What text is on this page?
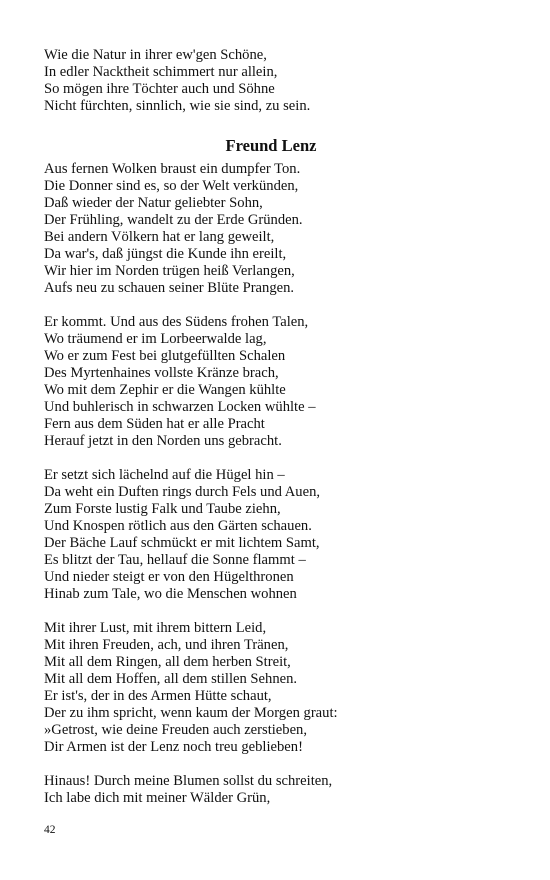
Wie die Natur in ihrer ew'gen Schöne,
In edler Nacktheit schimmert nur allein,
So mögen ihre Töchter auch und Söhne
Nicht fürchten, sinnlich, wie sie sind, zu sein.
Freund Lenz
Aus fernen Wolken braust ein dumpfer Ton.
Die Donner sind es, so der Welt verkünden,
Daß wieder der Natur geliebter Sohn,
Der Frühling, wandelt zu der Erde Gründen.
Bei andern Völkern hat er lang geweilt,
Da war's, daß jüngst die Kunde ihn ereilt,
Wir hier im Norden trügen heiß Verlangen,
Aufs neu zu schauen seiner Blüte Prangen.
Er kommt. Und aus des Südens frohen Talen,
Wo träumend er im Lorbeerwalde lag,
Wo er zum Fest bei glutgefüllten Schalen
Des Myrtenhaines vollste Kränze brach,
Wo mit dem Zephir er die Wangen kühlte
Und buhlerisch in schwarzen Locken wühlte –
Fern aus dem Süden hat er alle Pracht
Herauf jetzt in den Norden uns gebracht.
Er setzt sich lächelnd auf die Hügel hin –
Da weht ein Duften rings durch Fels und Auen,
Zum Forste lustig Falk und Taube ziehn,
Und Knospen rötlich aus den Gärten schauen.
Der Bäche Lauf schmückt er mit lichtem Samt,
Es blitzt der Tau, hellauf die Sonne flammt –
Und nieder steigt er von den Hügelthronen
Hinab zum Tale, wo die Menschen wohnen
Mit ihrer Lust, mit ihrem bittern Leid,
Mit ihren Freuden, ach, und ihren Tränen,
Mit all dem Ringen, all dem herben Streit,
Mit all dem Hoffen, all dem stillen Sehnen.
Er ist's, der in des Armen Hütte schaut,
Der zu ihm spricht, wenn kaum der Morgen graut:
»Getrost, wie deine Freuden auch zerstieben,
Dir Armen ist der Lenz noch treu geblieben!
Hinaus! Durch meine Blumen sollst du schreiten,
Ich labe dich mit meiner Wälder Grün,
42
